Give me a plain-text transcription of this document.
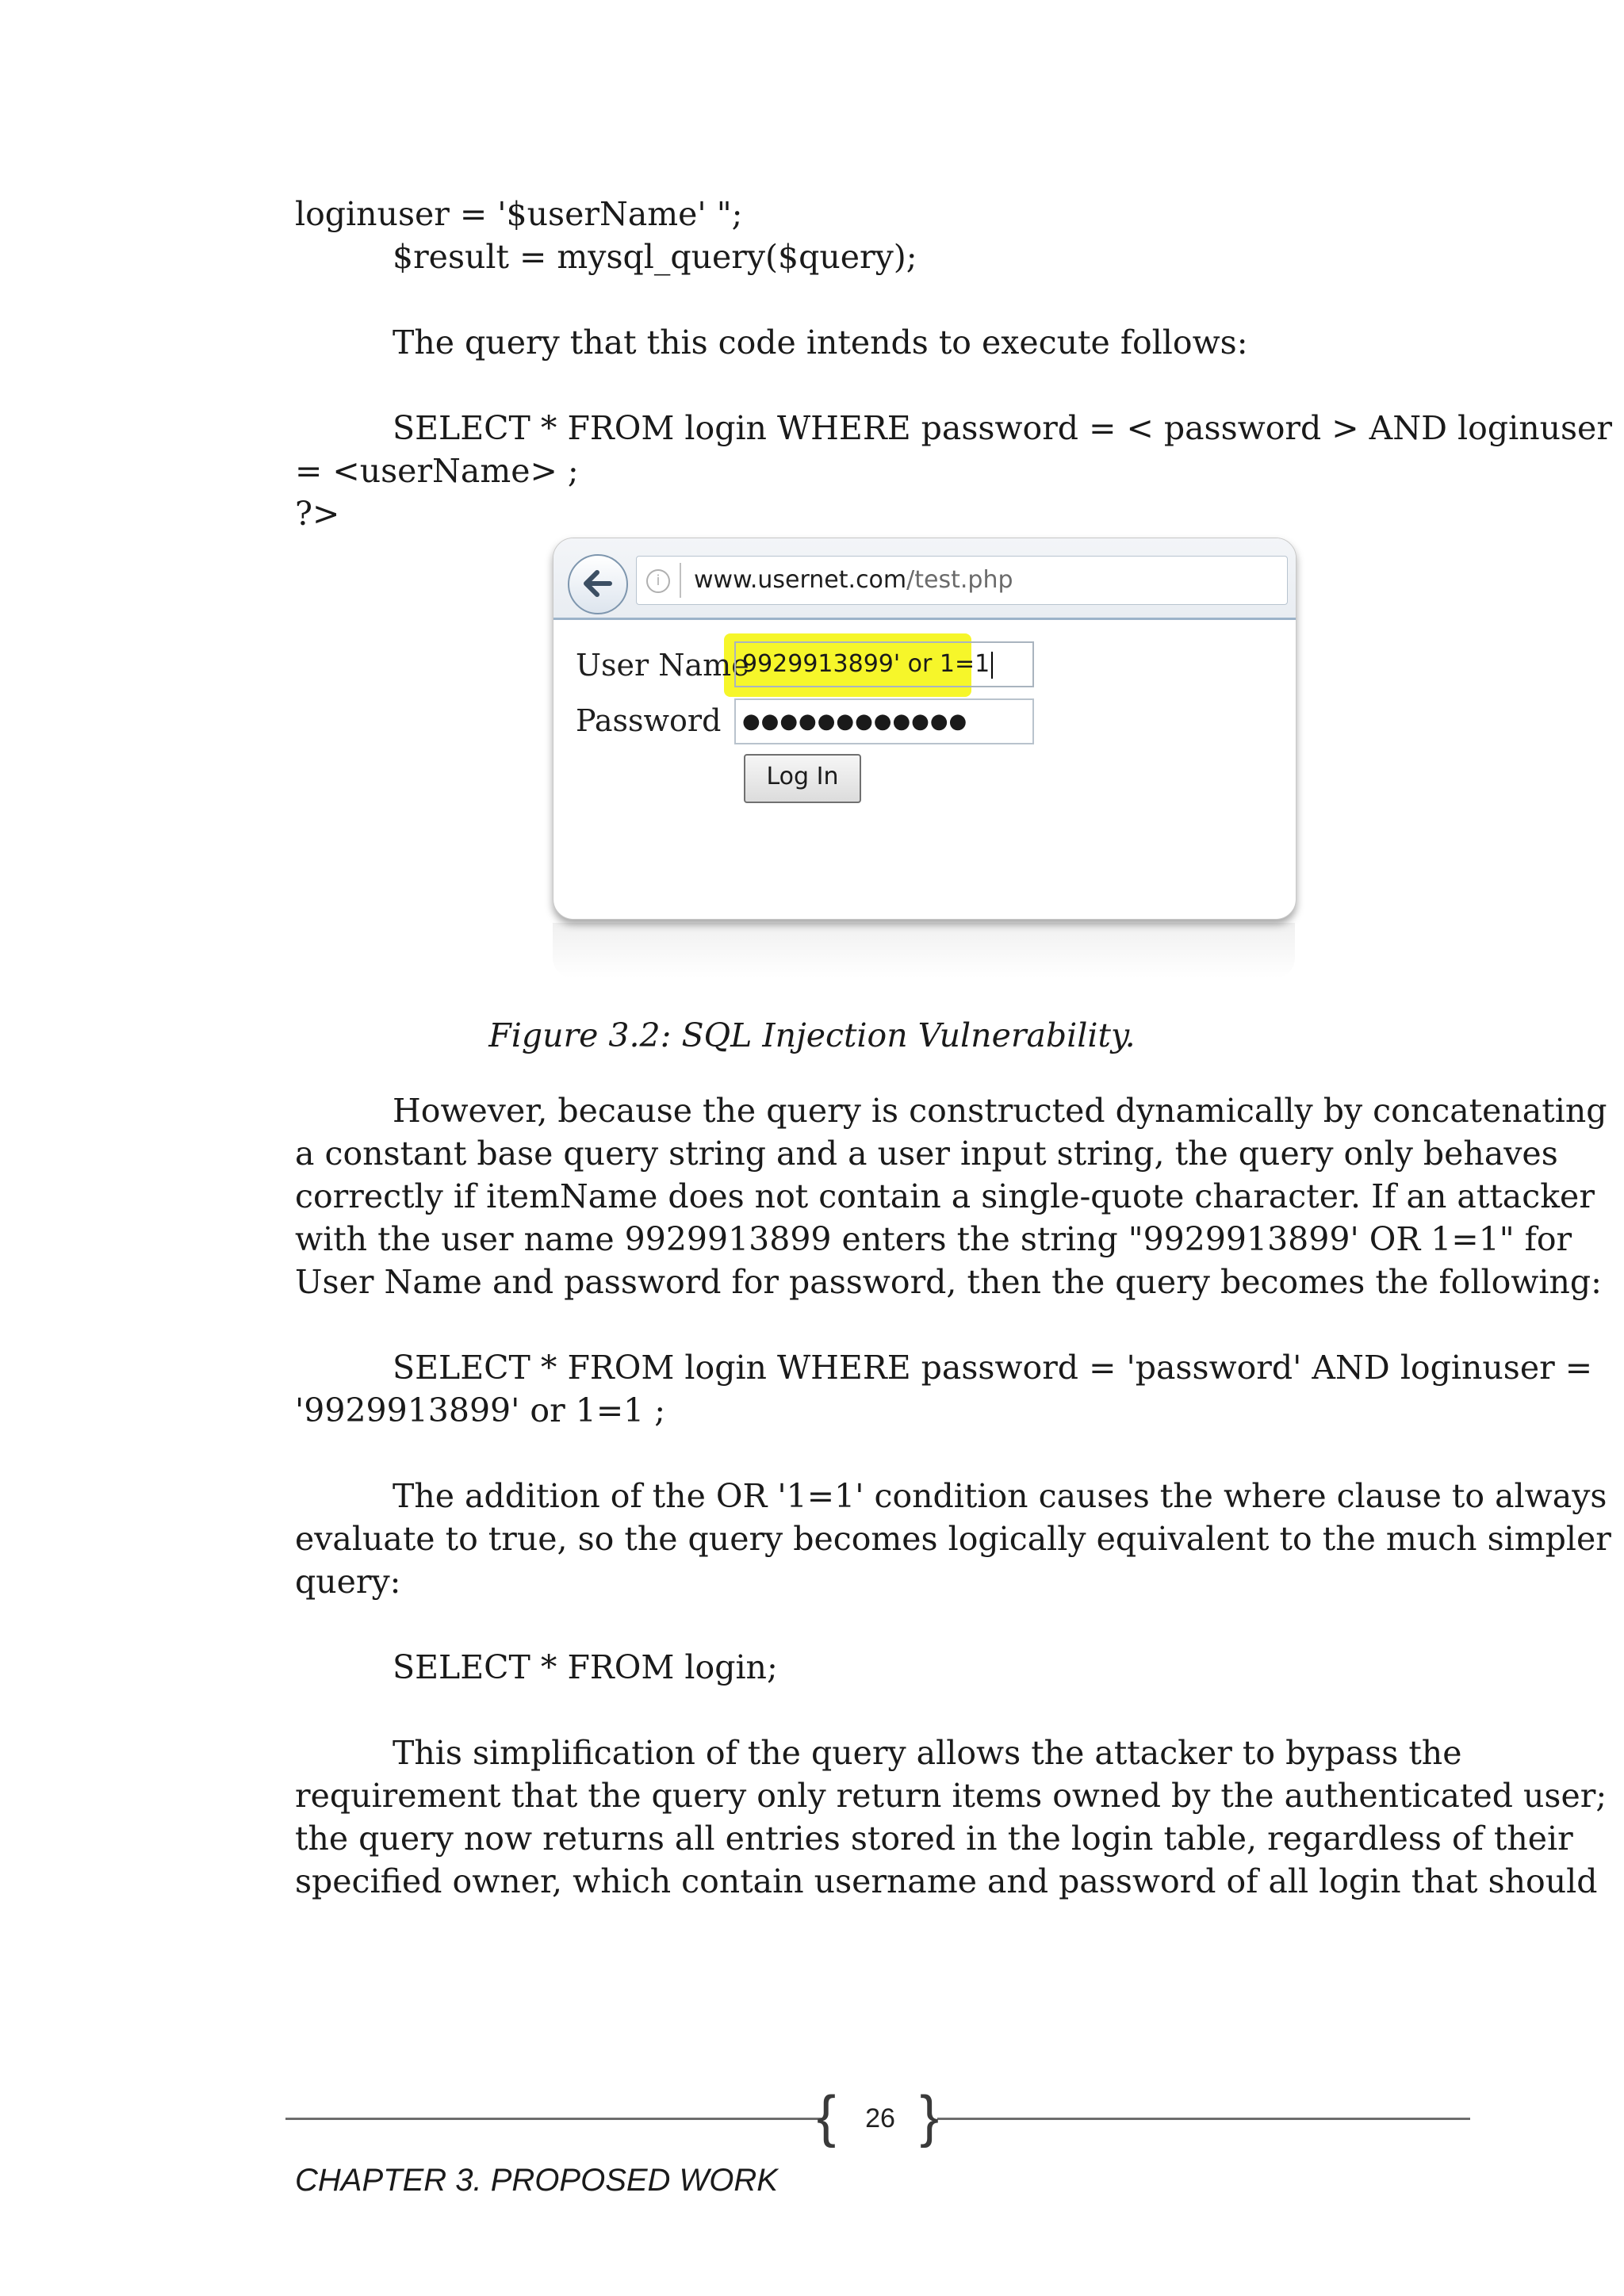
loginuser = '$userName' ";
$result = mysql_query($query);
The query that this code intends to execute follows:
SELECT * FROM login WHERE password = < password > AND loginuser
= <userName> ;
?>
i	www.usernet.com/test.php
User Name
9929913899' or 1=1
Password	●●●●●●●●●●●●
Log In
Figure 3.2: SQL Injection Vulnerability.
However, because the query is constructed dynamically by concatenating
a constant base query string and a user input string, the query only behaves
correctly if itemName does not contain a single-quote character. If an attacker
with the user name 9929913899 enters the string "9929913899' OR 1=1" for
User Name and password for password, then the query becomes the following:
SELECT * FROM login WHERE password = 'password' AND loginuser =
'9929913899' or 1=1 ;
The addition of the OR '1=1' condition causes the where clause to always
evaluate to true, so the query becomes logically equivalent to the much simpler
query:
SELECT * FROM login;
This simplification of the query allows the attacker to bypass the
requirement that the query only return items owned by the authenticated user;
the query now returns all entries stored in the login table, regardless of their
specified owner, which contain username and password of all login that should
{ }
26
CHAPTER 3. PROPOSED WORK
